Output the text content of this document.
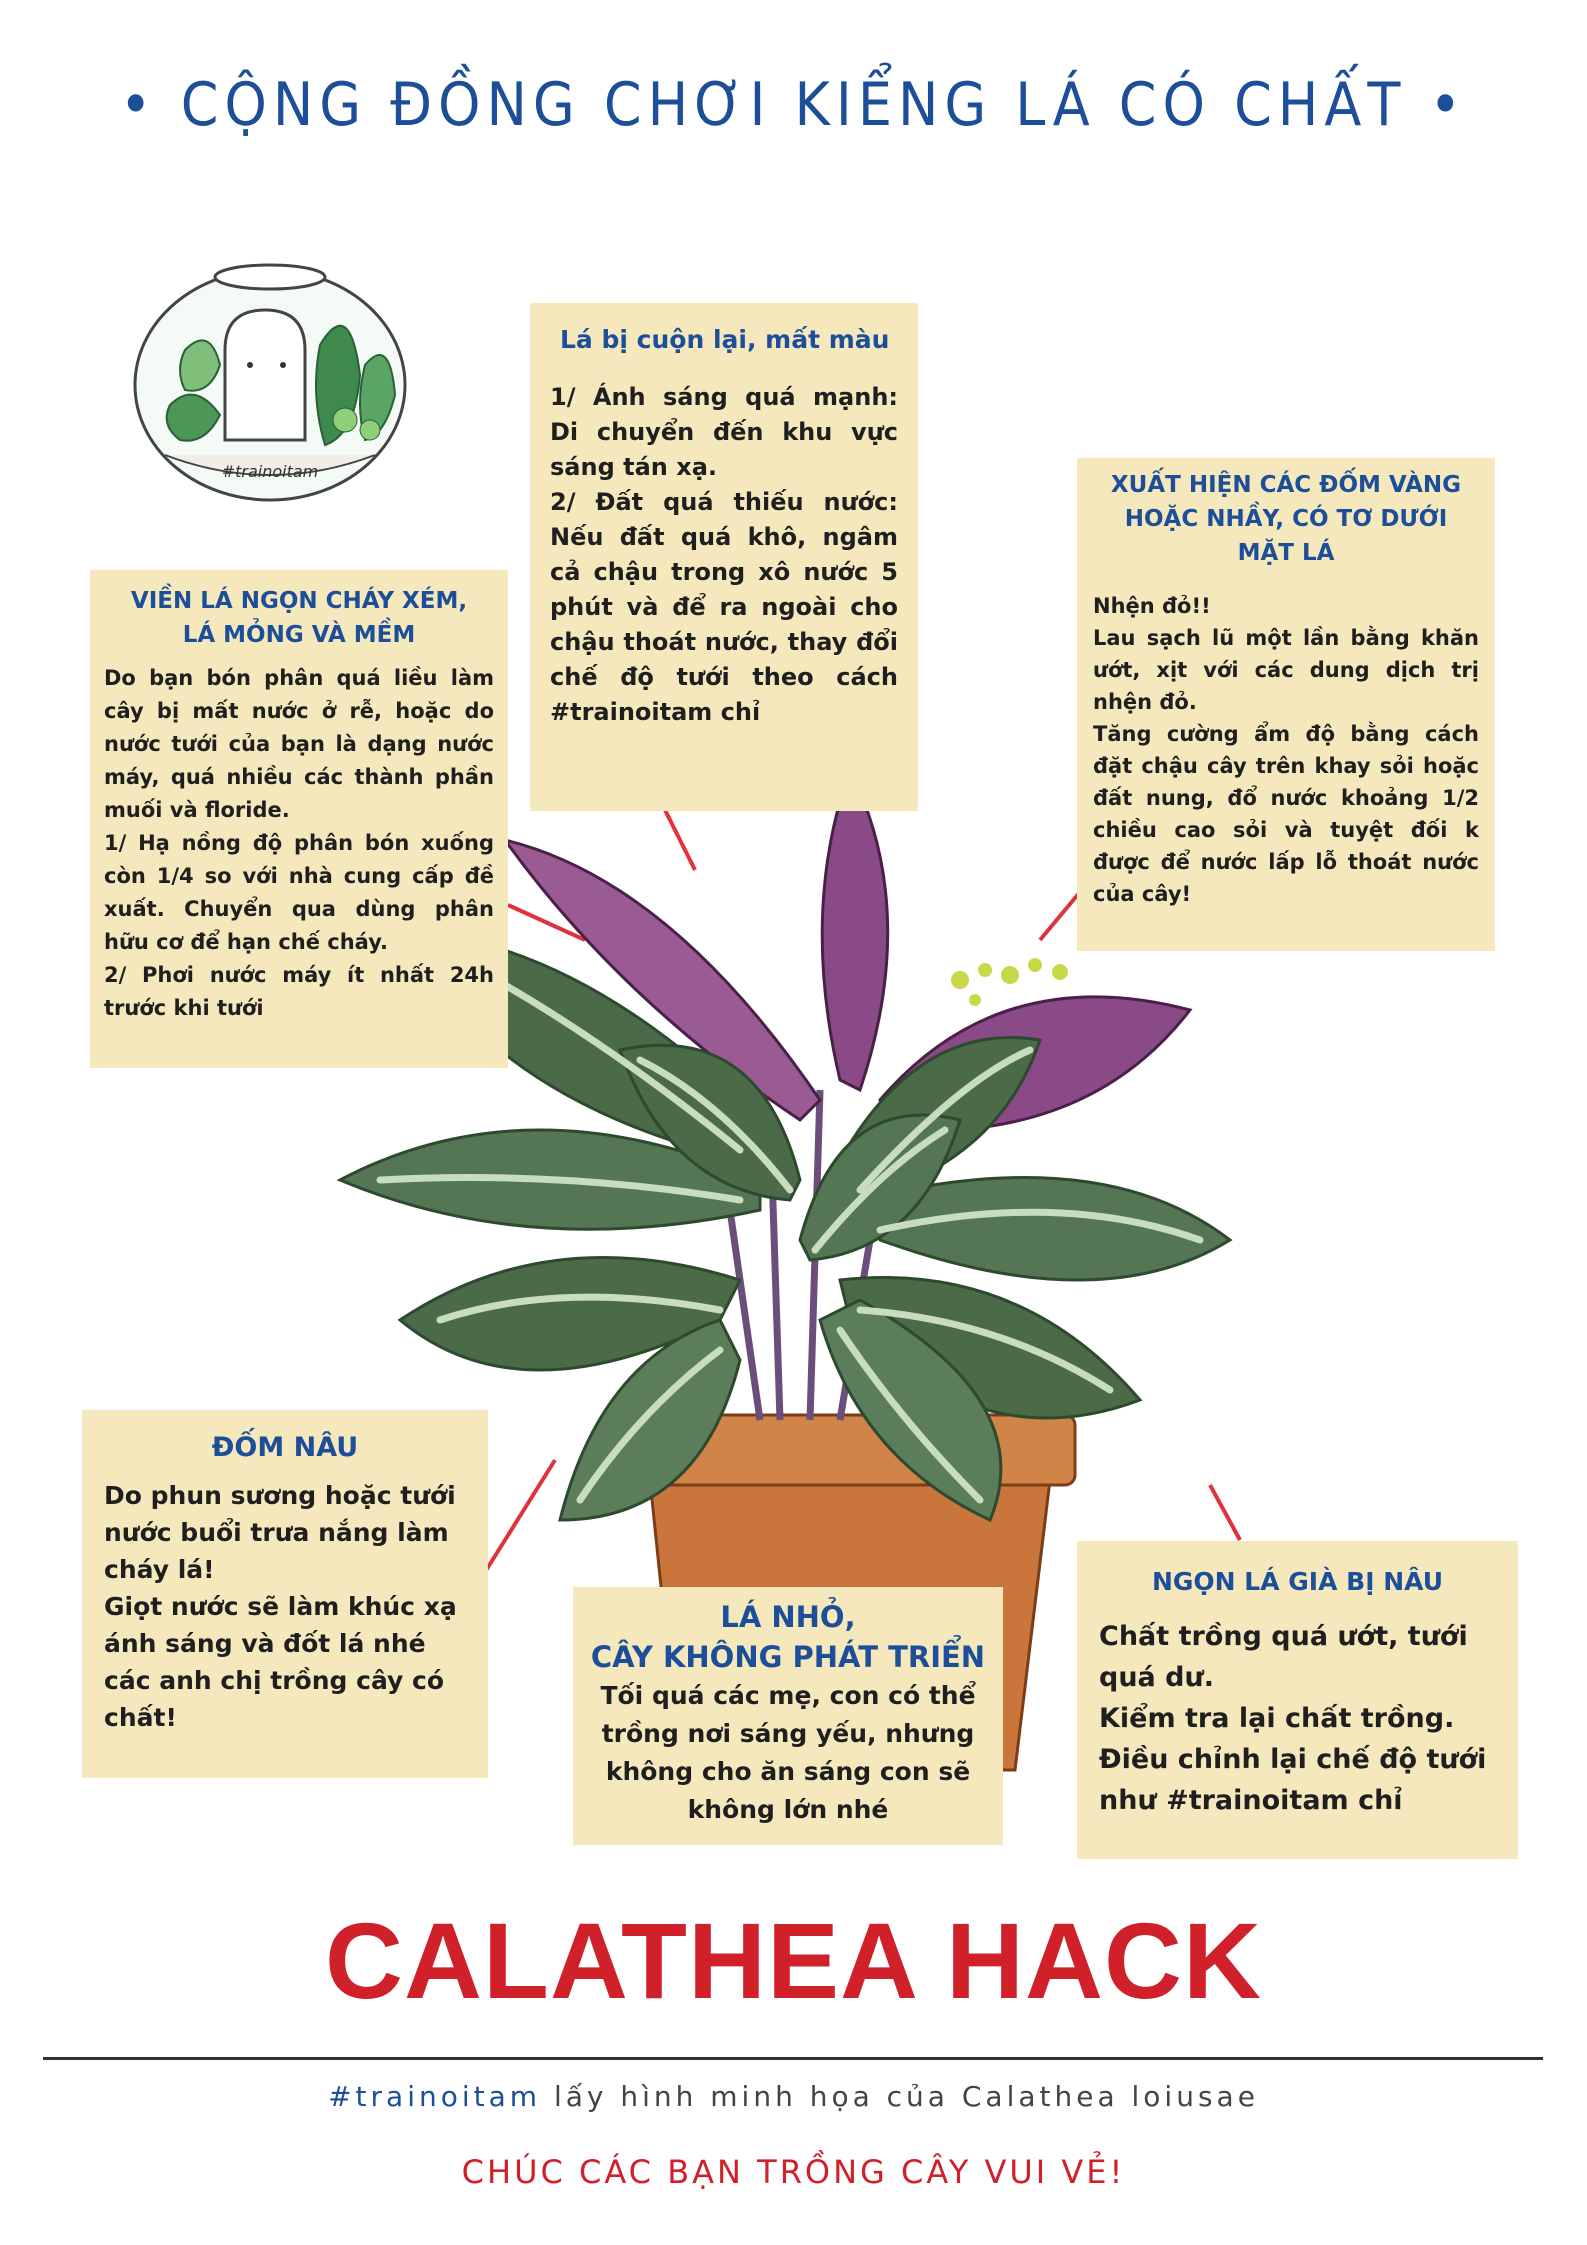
• CỘNG ĐỒNG CHƠI KIỂNG LÁ CÓ CHẤT •
#trainoitam
Lá bị cuộn lại, mất màu
1/ Ánh sáng quá mạnh: Di chuyển đến khu vực sáng tán xạ.
2/ Đất quá thiếu nước: Nếu đất quá khô, ngâm cả chậu trong xô nước 5 phút và để ra ngoài cho chậu thoát nước, thay đổi chế độ tưới theo cách #trainoitam chỉ
VIỀN LÁ NGỌN CHÁY XÉM,
LÁ MỎNG VÀ MỀM
Do bạn bón phân quá liều làm cây bị mất nước ở rễ, hoặc do nước tưới của bạn là dạng nước máy, quá nhiều các thành phần muối và floride.
1/ Hạ nồng độ phân bón xuống còn 1/4 so với nhà cung cấp đề xuất. Chuyển qua dùng phân hữu cơ để hạn chế cháy.
2/ Phơi nước máy ít nhất 24h trước khi tưới
XUẤT HIỆN CÁC ĐỐM VÀNG HOẶC NHẦY, CÓ TƠ DƯỚI MẶT LÁ
Nhện đỏ!!
Lau sạch lũ một lần bằng khăn ướt, xịt với các dung dịch trị nhện đỏ.
Tăng cường ẩm độ bằng cách đặt chậu cây trên khay sỏi hoặc đất nung, đổ nước khoảng 1/2 chiều cao sỏi và tuyệt đối k được để nước lấp lỗ thoát nước của cây!
ĐỐM NÂU
Do phun sương hoặc tưới nước buổi trưa nắng làm cháy lá!
Giọt nước sẽ làm khúc xạ ánh sáng và đốt lá nhé các anh chị trồng cây có chất!
LÁ NHỎ,
CÂY KHÔNG PHÁT TRIỂN
Tối quá các mẹ, con có thể trồng nơi sáng yếu, nhưng không cho ăn sáng con sẽ không lớn nhé
NGỌN LÁ GIÀ BỊ NÂU
Chất trồng quá ướt, tưới quá dư.
Kiểm tra lại chất trồng.
Điều chỉnh lại chế độ tưới như #trainoitam chỉ
CALATHEA HACK
#trainoitam lấy hình minh họa của Calathea loiusae
CHÚC CÁC BẠN TRỒNG CÂY VUI VẺ!
